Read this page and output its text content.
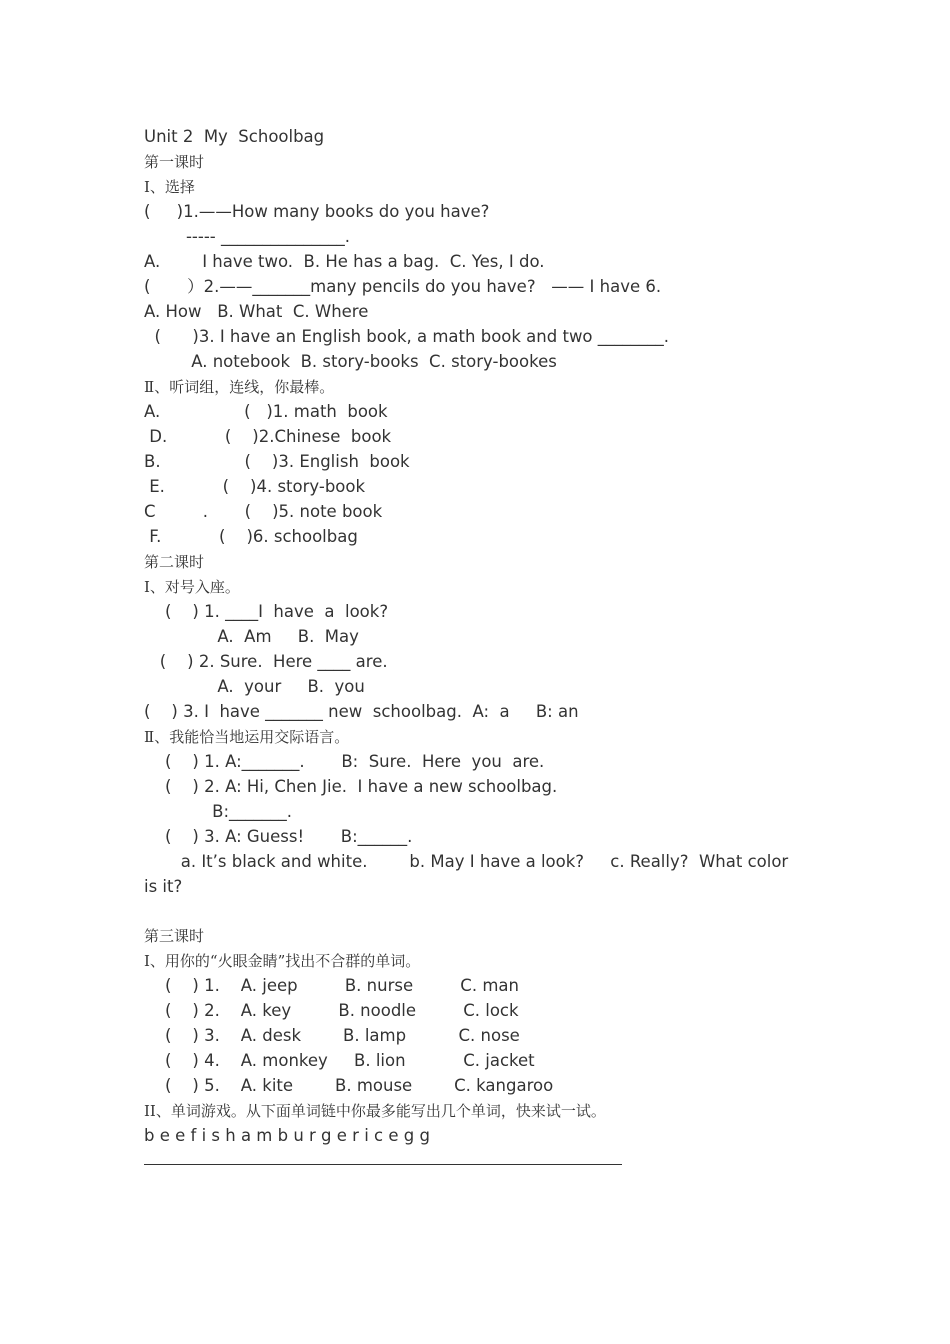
Unit 2  My  Schoolbag
第一课时
Ⅰ、选择
(     )1.——How many books do you have?
----- _______________.
A.        I have two.  B. He has a bag.  C. Yes, I do.
(       ）2.——_______many pencils do you have?   —— I have 6.
A. How   B. What  C. Where
(      )3. I have an English book, a math book and two ________.
A. notebook  B. story-books  C. story-bookes
Ⅱ、听词组，连线，你最棒。
A.                (   )1. math  book
D.           (    )2.Chinese  book
B.                (    )3. English  book
E.           (    )4. story-book
C         .       (    )5. note book
F.           (    )6. schoolbag
第二课时
Ⅰ、对号入座。
(    ) 1. ____I  have  a  look?
A.  Am     B.  May
(    ) 2. Sure.  Here ____ are.
A.  your     B.  you
(    ) 3. I  have _______ new  schoolbag.  A:  a     B: an
Ⅱ、我能恰当地运用交际语言。
(    ) 1. A:_______.       B:  Sure.  Here  you  are.
(    ) 2. A: Hi, Chen Jie.  I have a new schoolbag.
B:_______.
(    ) 3. A: Guess!       B:______.
a. It’s black and white.        b. May I have a look?     c. Really?  What color
is it?
第三课时
Ⅰ、用你的“火眼金睛”找出不合群的单词。
(    ) 1.    A. jeep         B. nurse         C. man
(    ) 2.    A. key         B. noodle         C. lock
(    ) 3.    A. desk        B. lamp          C. nose
(    ) 4.    A. monkey     B. lion           C. jacket
(    ) 5.    A. kite        B. mouse        C. kangaroo
II、单词游戏。从下面单词链中你最多能写出几个单词，快来试一试。
b e e f i s h a m b u r g e r i c e g g
